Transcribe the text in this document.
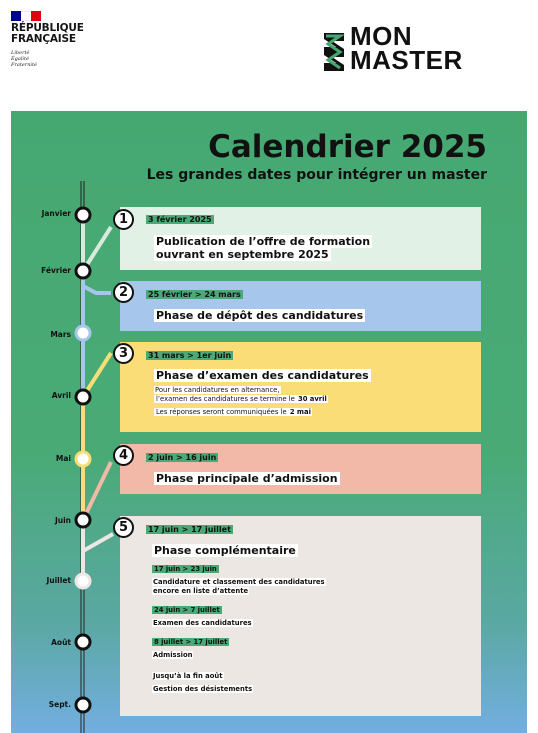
RÉPUBLIQUE
FRANÇAISE
Liberté
Égalité
Fraternité
MON
MASTER
Calendrier 2025
Les grandes dates pour intégrer un master
Janvier
Février
Mars
Avril
Mai
Juin
Juillet
Août
Sept.
3 février 2025
Publication de l’offre de formation
ouvrant en septembre 2025
1
25 février > 24 mars
Phase de dépôt des candidatures
2
31 mars > 1er juin
Phase d’examen des candidatures
Pour les candidatures en alternance,
l’examen des candidatures se termine le 30 avril
Les réponses seront communiquées le 2 mai
3
2 juin > 16 juin
Phase principale d’admission
4
17 juin > 17 juillet
Phase complémentaire
17 juin > 23 juin
Candidature et classement des candidatures
encore en liste d’attente
24 juin > 7 juillet
Examen des candidatures
8 juillet > 17 juillet
Admission
Jusqu’à la fin août
Gestion des désistements
5
